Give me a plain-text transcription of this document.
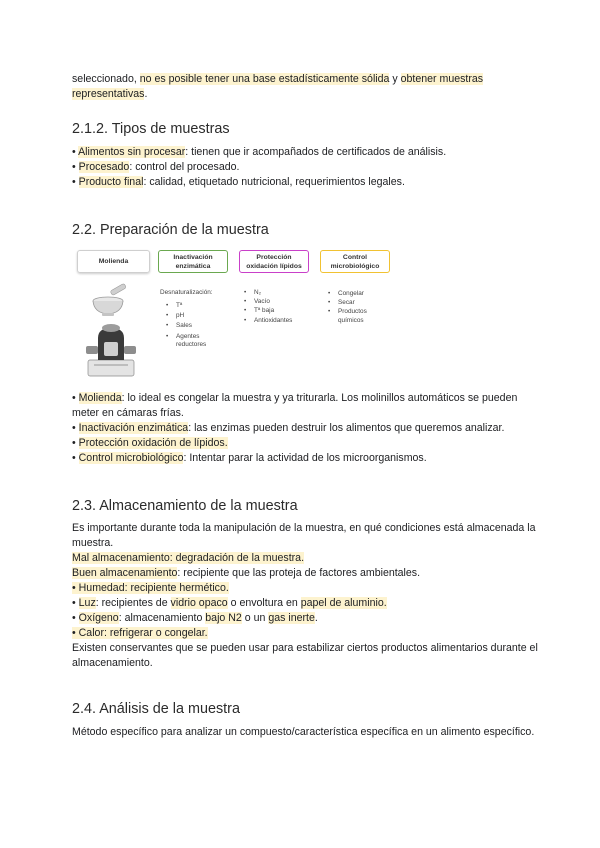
seleccionado, no es posible tener una base estadísticamente sólida y obtener muestras
representativas.

2.1.2. Tipos de muestras

• Alimentos sin procesar: tienen que ir acompañados de certificados de análisis.

• Procesado: control del procesado.

• Producto final: calidad, etiquetado nutricional, requerimientos legales.

2.2. Preparación de la muestra
Molienda
Inactivación enzimática
Protección oxidación lípidos
Control microbiológico
Desnaturalización:
• Tª
• pH
• Sales
• Agentes reductores
• N₂
• Vacío
• Tª baja
• Antioxidantes
• Congelar
• Secar
• Productos químicos

• Molienda: lo ideal es congelar la muestra y ya triturarla. Los molinillos automáticos se pueden meter en cámaras frías.

• Inactivación enzimática: las enzimas pueden destruir los alimentos que queremos analizar.

• Protección oxidación de lípidos.

• Control microbiológico: Intentar parar la actividad de los microorganismos.

2.3. Almacenamiento de la muestra

Es importante durante toda la manipulación de la muestra, en qué condiciones está almacenada la muestra.

Mal almacenamiento: degradación de la muestra.

Buen almacenamiento: recipiente que las proteja de factores ambientales.

• Humedad: recipiente hermético.

• Luz: recipientes de vidrio opaco o envoltura en papel de aluminio.

• Oxígeno: almacenamiento bajo N2 o un gas inerte.

• Calor: refrigerar o congelar.

Existen conservantes que se pueden usar para estabilizar ciertos productos alimentarios durante el almacenamiento.

2.4. Análisis de la muestra

Método específico para analizar un compuesto/característica específica en un alimento específico.
